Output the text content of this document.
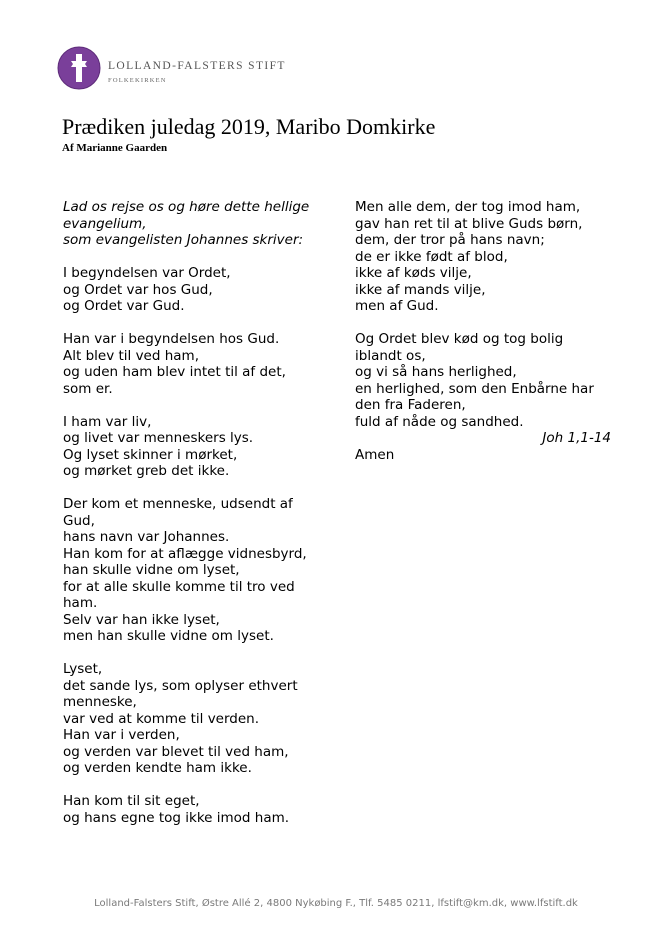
LOLLAND-FALSTERS STIFT
FOLKEKIRKEN
Prædiken juledag 2019, Maribo Domkirke
Af Marianne Gaarden
Lad os rejse os og høre dette hellige
evangelium,
som evangelisten Johannes skriver:
I begyndelsen var Ordet,
og Ordet var hos Gud,
og Ordet var Gud.
Han var i begyndelsen hos Gud.
Alt blev til ved ham,
og uden ham blev intet til af det,
som er.
I ham var liv,
og livet var menneskers lys.
Og lyset skinner i mørket,
og mørket greb det ikke.
Der kom et menneske, udsendt af
Gud,
hans navn var Johannes.
Han kom for at aflægge vidnesbyrd,
han skulle vidne om lyset,
for at alle skulle komme til tro ved
ham.
Selv var han ikke lyset,
men han skulle vidne om lyset.
Lyset,
det sande lys, som oplyser ethvert
menneske,
var ved at komme til verden.
Han var i verden,
og verden var blevet til ved ham,
og verden kendte ham ikke.
Han kom til sit eget,
og hans egne tog ikke imod ham.
Men alle dem, der tog imod ham,
gav han ret til at blive Guds børn,
dem, der tror på hans navn;
de er ikke født af blod,
ikke af køds vilje,
ikke af mands vilje,
men af Gud.
Og Ordet blev kød og tog bolig
iblandt os,
og vi så hans herlighed,
en herlighed, som den Enbårne har
den fra Faderen,
fuld af nåde og sandhed.
Joh 1,1-14
Amen
Lolland-Falsters Stift, Østre Allé 2, 4800 Nykøbing F., Tlf. 5485 0211, lfstift@km.dk, www.lfstift.dk
